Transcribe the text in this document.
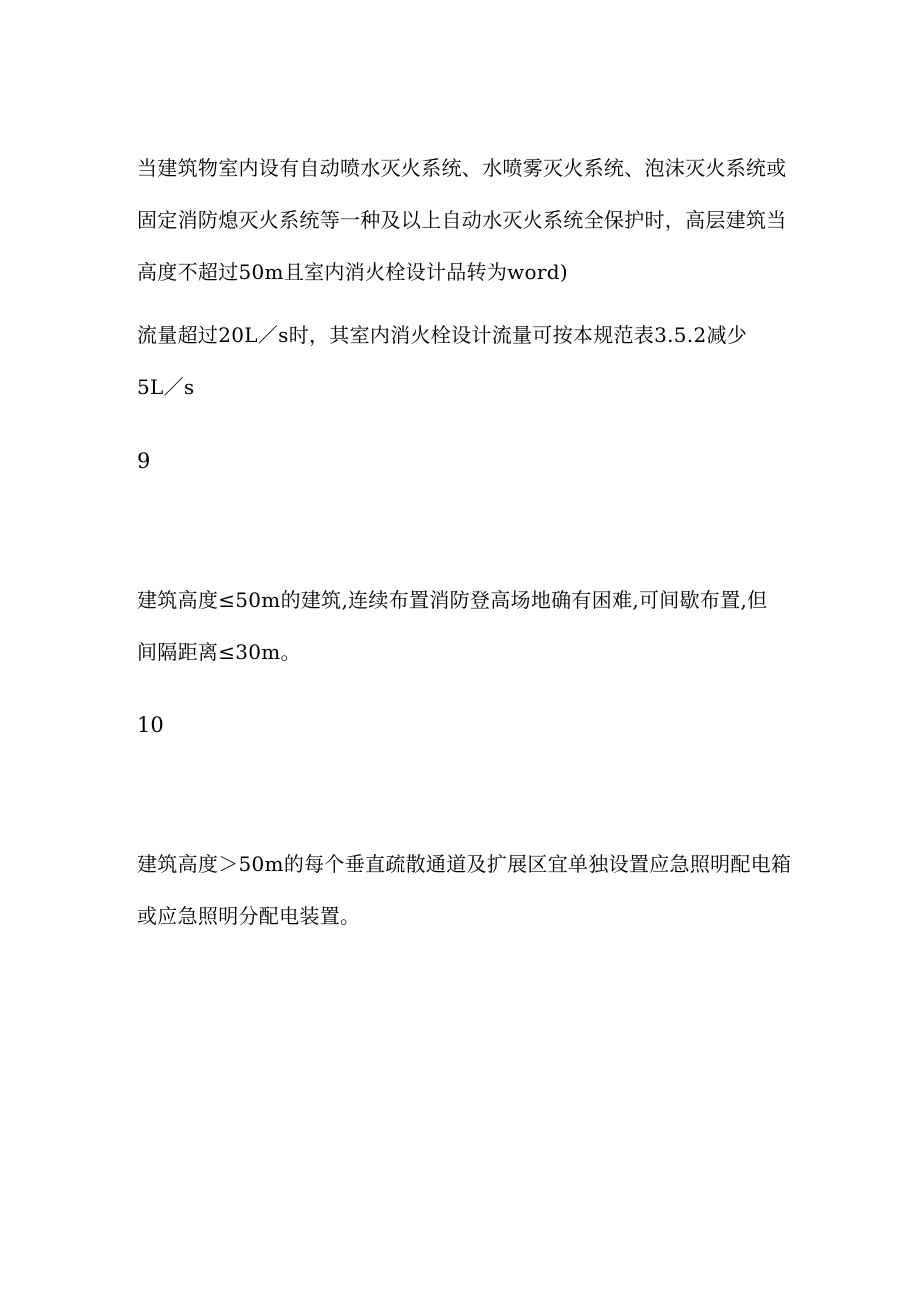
当建筑物室内设有自动喷水灭火系统、水喷雾灭火系统、泡沫灭火系统或
固定消防熄灭火系统等一种及以上自动水灭火系统全保护时，高层建筑当
高度不超过50m且室内消火栓设计品转为word)

流量超过20L／s时，其室内消火栓设计流量可按本规范表3.5.2减少
5L／s

9

建筑高度≤50m的建筑,连续布置消防登高场地确有困难,可间歇布置,但
间隔距离≤30m。

10

建筑高度＞50m的每个垂直疏散通道及扩展区宜单独设置应急照明配电箱
或应急照明分配电装置。
